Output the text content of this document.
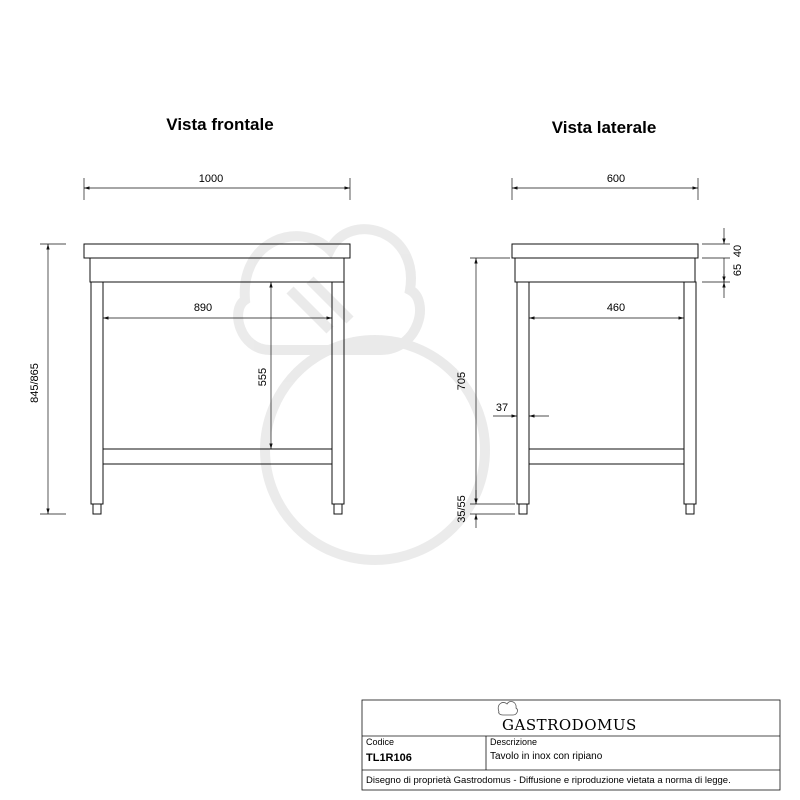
Vista frontale	Vista laterale
1000
890
555
845/865
600
460
40
65
705
37
35/55
GASTRODOMUS
Codice
TL1R106
Descrizione
Tavolo in inox con ripiano
Disegno di proprietà Gastrodomus - Diffusione e riproduzione vietata a norma di legge.
